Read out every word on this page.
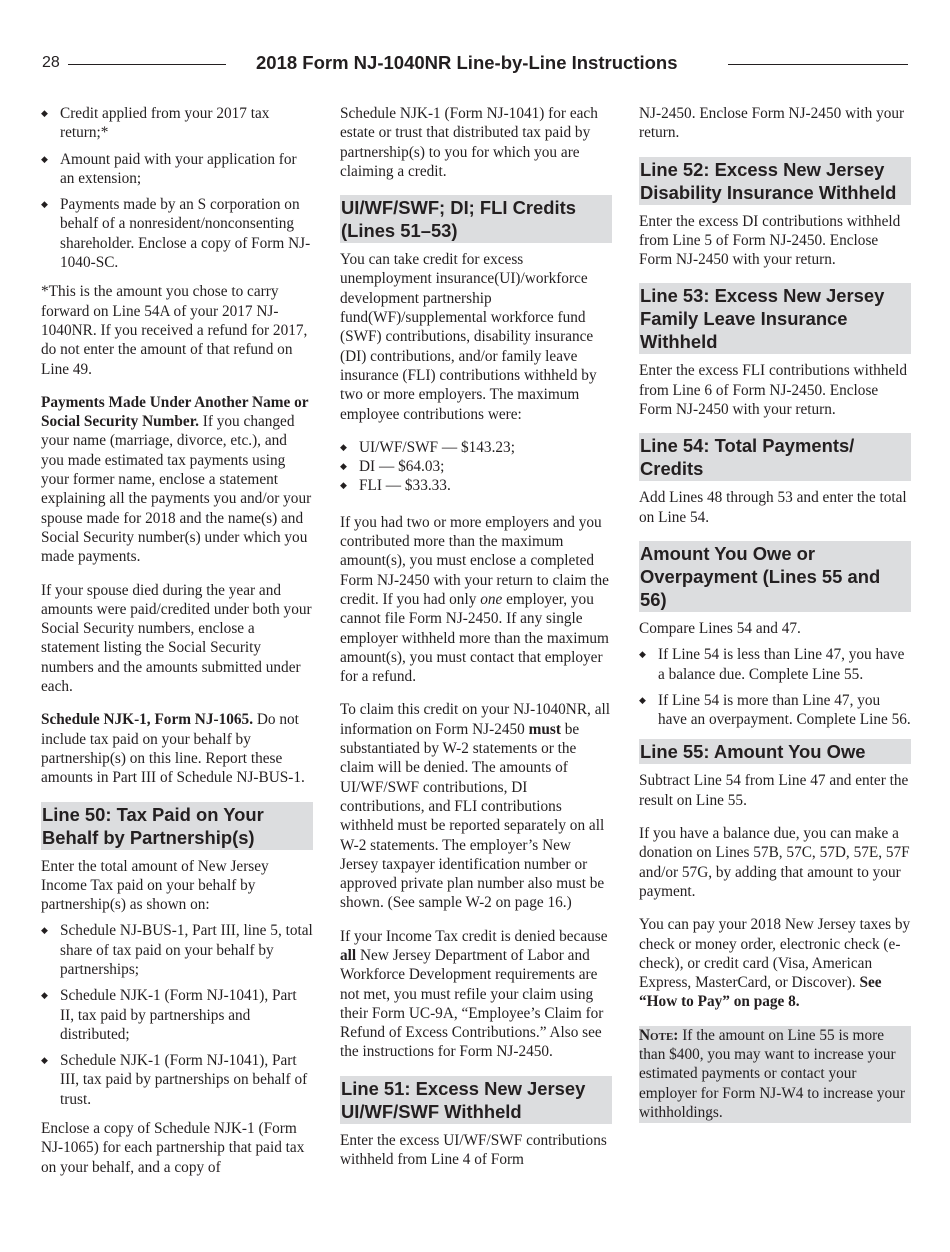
28	2018 Form NJ-1040NR Line-by-Line Instructions
◆ Credit applied from your 2017 tax return;*
◆ Amount paid with your application for an extension;
◆ Payments made by an S corporation on behalf of a nonresident/nonconsenting shareholder. Enclose a copy of Form NJ-1040-SC.

*This is the amount you chose to carry forward on Line 54A of your 2017 NJ-1040NR. If you received a refund for 2017, do not enter the amount of that refund on Line 49.

Payments Made Under Another Name or Social Security Number. If you changed your name (marriage, divorce, etc.), and you made estimated tax payments using your former name, enclose a statement explaining all the payments you and/or your spouse made for 2018 and the name(s) and Social Security number(s) under which you made payments.

If your spouse died during the year and amounts were paid/credited under both your Social Security numbers, enclose a statement listing the Social Security numbers and the amounts submitted under each.

Schedule NJK-1, Form NJ-1065. Do not include tax paid on your behalf by partnership(s) on this line. Report these amounts in Part III of Schedule NJ-BUS-1.

Line 50: Tax Paid on Your Behalf by Partnership(s)

Enter the total amount of New Jersey Income Tax paid on your behalf by partnership(s) as shown on:

◆ Schedule NJ-BUS-1, Part III, line 5, total share of tax paid on your behalf by partnerships;
◆ Schedule NJK-1 (Form NJ-1041), Part II, tax paid by partnerships and distributed;
◆ Schedule NJK-1 (Form NJ-1041), Part III, tax paid by partnerships on behalf of trust.

Enclose a copy of Schedule NJK-1 (Form NJ-1065) for each partnership that paid tax on your behalf, and a copy of

Schedule NJK-1 (Form NJ-1041) for each estate or trust that distributed tax paid by partnership(s) to you for which you are claiming a credit.

UI/WF/SWF; DI; FLI Credits (Lines 51–53)

You can take credit for excess unemployment insurance(UI)/workforce development partnership fund(WF)/supplemental workforce fund (SWF) contributions, disability insurance (DI) contributions, and/or family leave insurance (FLI) contributions withheld by two or more employers. The maximum employee contributions were:

◆ UI/WF/SWF — $143.23;
◆ DI — $64.03;
◆ FLI — $33.33.

If you had two or more employers and you contributed more than the maximum amount(s), you must enclose a completed Form NJ-2450 with your return to claim the credit. If you had only one employer, you cannot file Form NJ-2450. If any single employer withheld more than the maximum amount(s), you must contact that employer for a refund.

To claim this credit on your NJ-1040NR, all information on Form NJ-2450 must be substantiated by W-2 statements or the claim will be denied. The amounts of UI/WF/SWF contributions, DI contributions, and FLI contributions withheld must be reported separately on all W-2 statements. The employer’s New Jersey taxpayer identification number or approved private plan number also must be shown. (See sample W-2 on page 16.)

If your Income Tax credit is denied because all New Jersey Department of Labor and Workforce Development requirements are not met, you must refile your claim using their Form UC-9A, “Employee’s Claim for Refund of Excess Contributions.” Also see the instructions for Form NJ-2450.

Line 51: Excess New Jersey UI/WF/SWF Withheld

Enter the excess UI/WF/SWF contributions withheld from Line 4 of Form

NJ-2450. Enclose Form NJ-2450 with your return.

Line 52: Excess New Jersey Disability Insurance Withheld

Enter the excess DI contributions withheld from Line 5 of Form NJ-2450. Enclose Form NJ-2450 with your return.

Line 53: Excess New Jersey Family Leave Insurance Withheld

Enter the excess FLI contributions withheld from Line 6 of Form NJ-2450. Enclose Form NJ-2450 with your return.

Line 54: Total Payments/ Credits

Add Lines 48 through 53 and enter the total on Line 54.

Amount You Owe or Overpayment (Lines 55 and 56)

Compare Lines 54 and 47.

◆ If Line 54 is less than Line 47, you have a balance due. Complete Line 55.
◆ If Line 54 is more than Line 47, you have an overpayment. Complete Line 56.
Line 55: Amount You Owe

Subtract Line 54 from Line 47 and enter the result on Line 55.

If you have a balance due, you can make a donation on Lines 57B, 57C, 57D, 57E, 57F and/or 57G, by adding that amount to your payment.

You can pay your 2018 New Jersey taxes by check or money order, electronic check (e-check), or credit card (Visa, American Express, MasterCard, or Discover). See “How to Pay” on page 8.

Note: If the amount on Line 55 is more than $400, you may want to increase your estimated payments or contact your employer for Form NJ-W4 to increase your withholdings.
